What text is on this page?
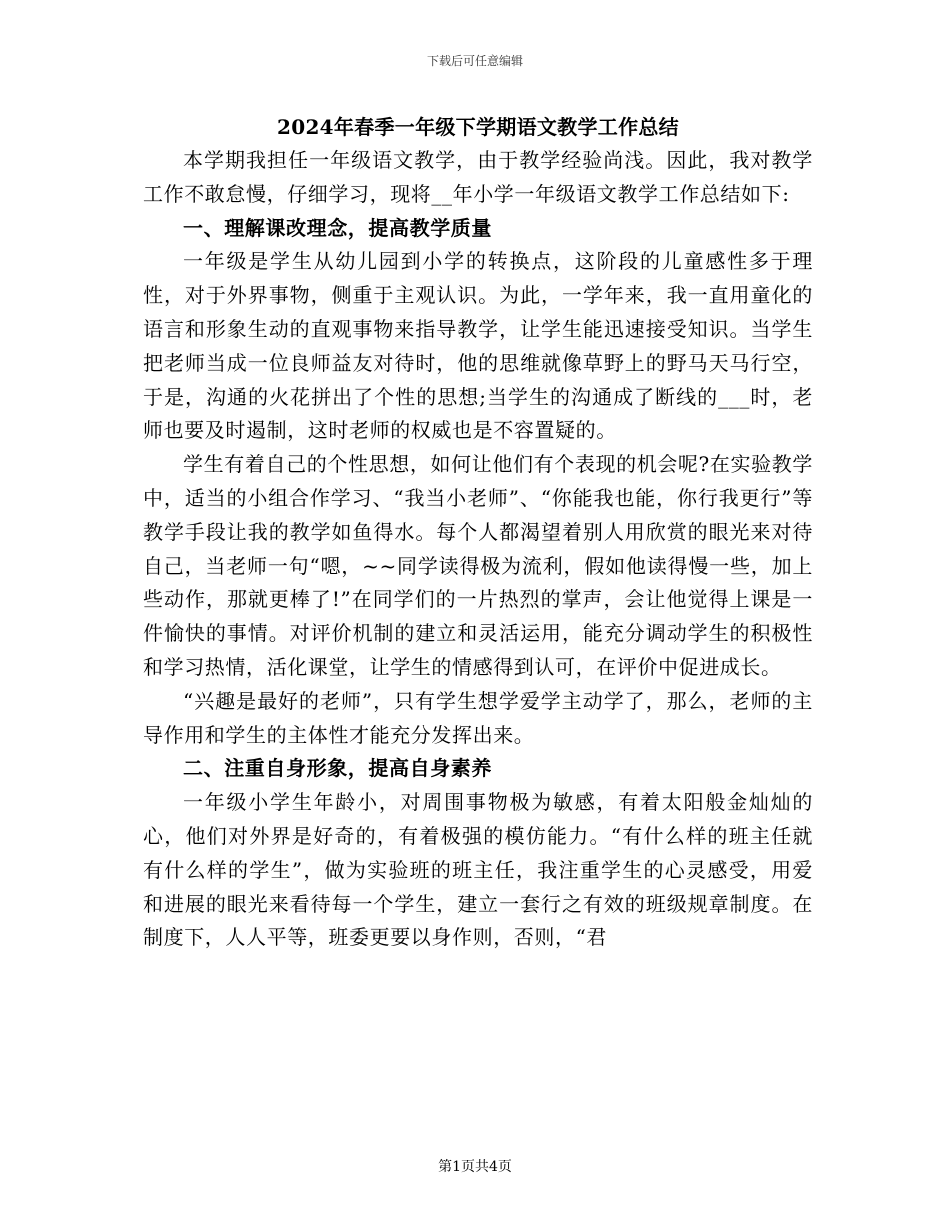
下载后可任意编辑
2024年春季一年级下学期语文教学工作总结

本学期我担任一年级语文教学，由于教学经验尚浅。因此，我对教学工作不敢怠慢，仔细学习，现将__年小学一年级语文教学工作总结如下:

一、理解课改理念，提高教学质量

一年级是学生从幼儿园到小学的转换点，这阶段的儿童感性多于理性，对于外界事物，侧重于主观认识。为此，一学年来，我一直用童化的语言和形象生动的直观事物来指导教学，让学生能迅速接受知识。当学生把老师当成一位良师益友对待时，他的思维就像草野上的野马天马行空，于是，沟通的火花拼出了个性的思想;当学生的沟通成了断线的___时，老师也要及时遏制，这时老师的权威也是不容置疑的。

学生有着自己的个性思想，如何让他们有个表现的机会呢?在实验教学中，适当的小组合作学习、“我当小老师”、“你能我也能，你行我更行”等教学手段让我的教学如鱼得水。每个人都渴望着别人用欣赏的眼光来对待自己，当老师一句“嗯，~~同学读得极为流利，假如他读得慢一些，加上些动作，那就更棒了!”在同学们的一片热烈的掌声，会让他觉得上课是一件愉快的事情。对评价机制的建立和灵活运用，能充分调动学生的积极性和学习热情，活化课堂，让学生的情感得到认可，在评价中促进成长。

“兴趣是最好的老师”，只有学生想学爱学主动学了，那么，老师的主导作用和学生的主体性才能充分发挥出来。

二、注重自身形象，提高自身素养

一年级小学生年龄小，对周围事物极为敏感，有着太阳般金灿灿的心，他们对外界是好奇的，有着极强的模仿能力。“有什么样的班主任就有什么样的学生”，做为实验班的班主任，我注重学生的心灵感受，用爱和进展的眼光来看待每一个学生，建立一套行之有效的班级规章制度。在制度下，人人平等，班委更要以身作则，否则，“君

第1页共4页
